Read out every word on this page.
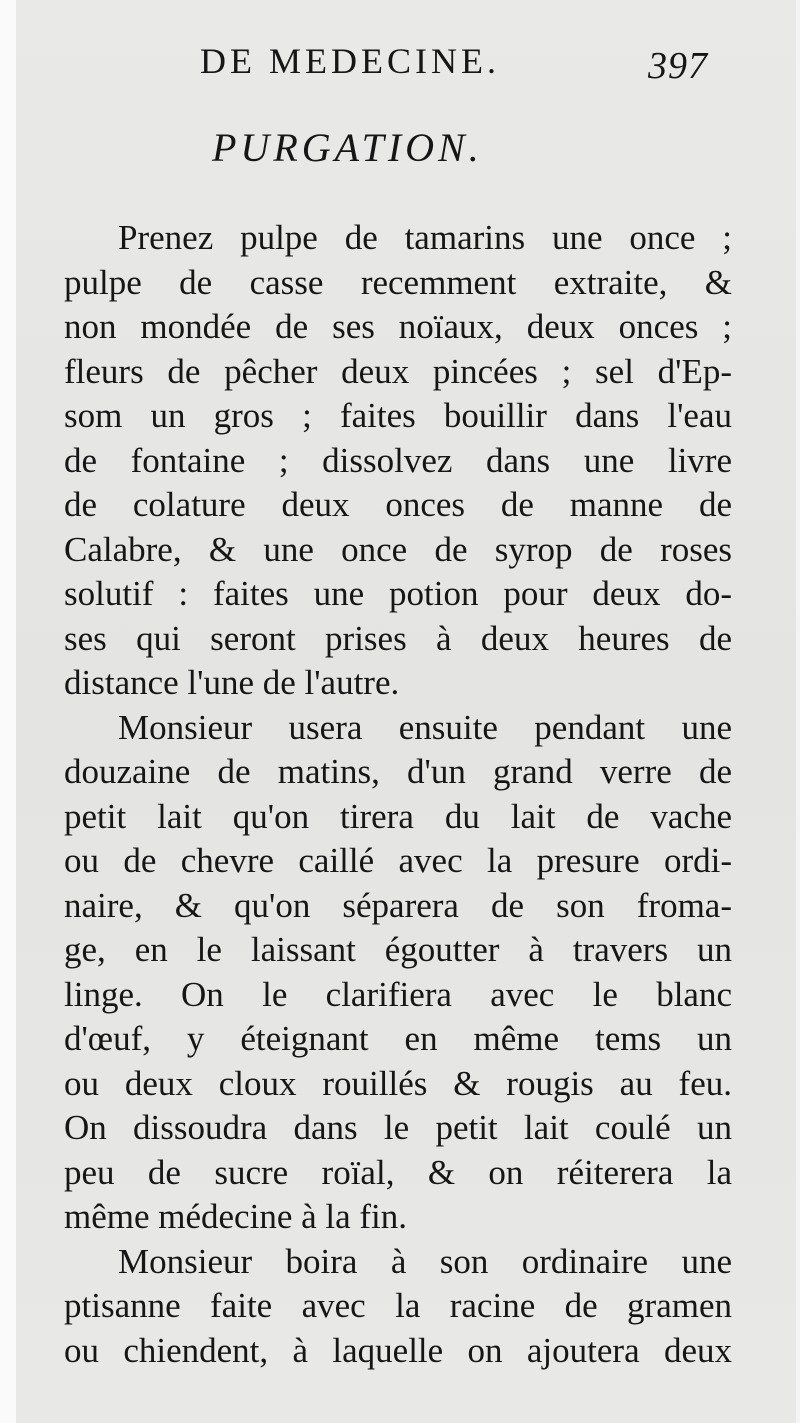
DE MEDECINE.	397
PURGATION.
Prenez pulpe de tamarins une once ;
pulpe de casse recemment extraite, &
non mondée de ses noïaux, deux onces ;
fleurs de pêcher deux pincées ; sel d'Ep-
som un gros ; faites bouillir dans l'eau
de fontaine ; dissolvez dans une livre
de colature deux onces de manne de
Calabre, & une once de syrop de roses
solutif : faites une potion pour deux do-
ses qui seront prises à deux heures de
distance l'une de l'autre.
Monsieur usera ensuite pendant une
douzaine de matins, d'un grand verre de
petit lait qu'on tirera du lait de vache
ou de chevre caillé avec la presure ordi-
naire, & qu'on séparera de son froma-
ge, en le laissant égoutter à travers un
linge. On le clarifiera avec le blanc
d'œuf, y éteignant en même tems un
ou deux cloux rouillés & rougis au feu.
On dissoudra dans le petit lait coulé un
peu de sucre roïal, & on réiterera la
même médecine à la fin.
Monsieur boira à son ordinaire une
ptisanne faite avec la racine de gramen
ou chiendent, à laquelle on ajoutera deux
